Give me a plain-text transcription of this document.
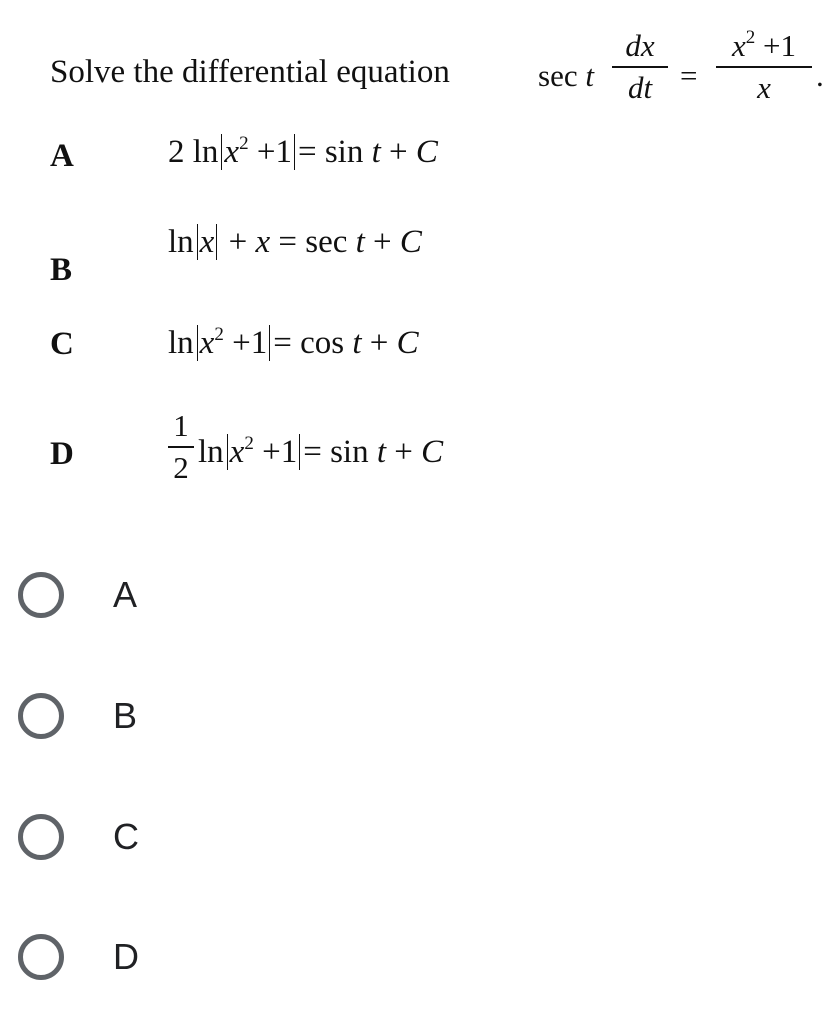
Solve the differential equation	sec t
dx
dt =
$x^2 +1$
x	.
A	2 $\ln x^2 +1 = \sin t + C$
B
ln x + x = sec t + C
C	$\ln x^2 +1 = \cos t + C$
D
1
2 $\ln x^2 +1 = \sin t + C$
A
B
C
D
